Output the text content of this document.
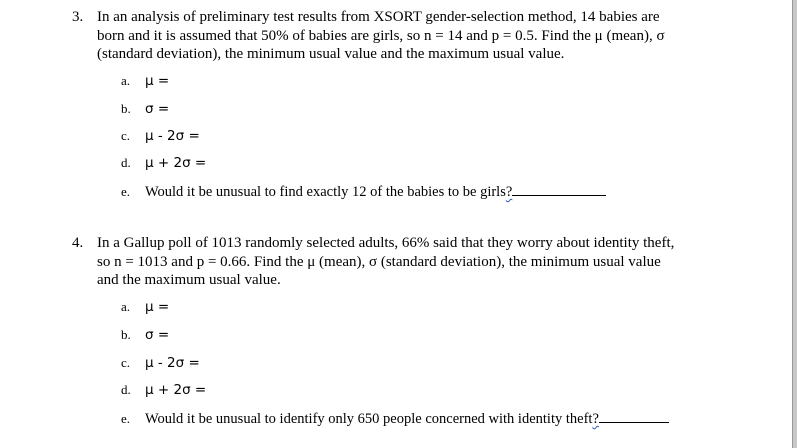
3. In an analysis of preliminary test results from XSORT gender-selection method, 14 babies are
born and it is assumed that 50% of babies are girls, so n = 14 and p = 0.5. Find the μ (mean), σ
(standard deviation), the minimum usual value and the maximum usual value.
a. μ =
b. σ =
c. μ - 2σ =
d. μ + 2σ =
e. Would it be unusual to find exactly 12 of the babies to be girls?
4. In a Gallup poll of 1013 randomly selected adults, 66% said that they worry about identity theft,
so n = 1013 and p = 0.66. Find the μ (mean), σ (standard deviation), the minimum usual value
and the maximum usual value.
a. μ =
b. σ =
c. μ - 2σ =
d. μ + 2σ =
e. Would it be unusual to identify only 650 people concerned with identity theft?
